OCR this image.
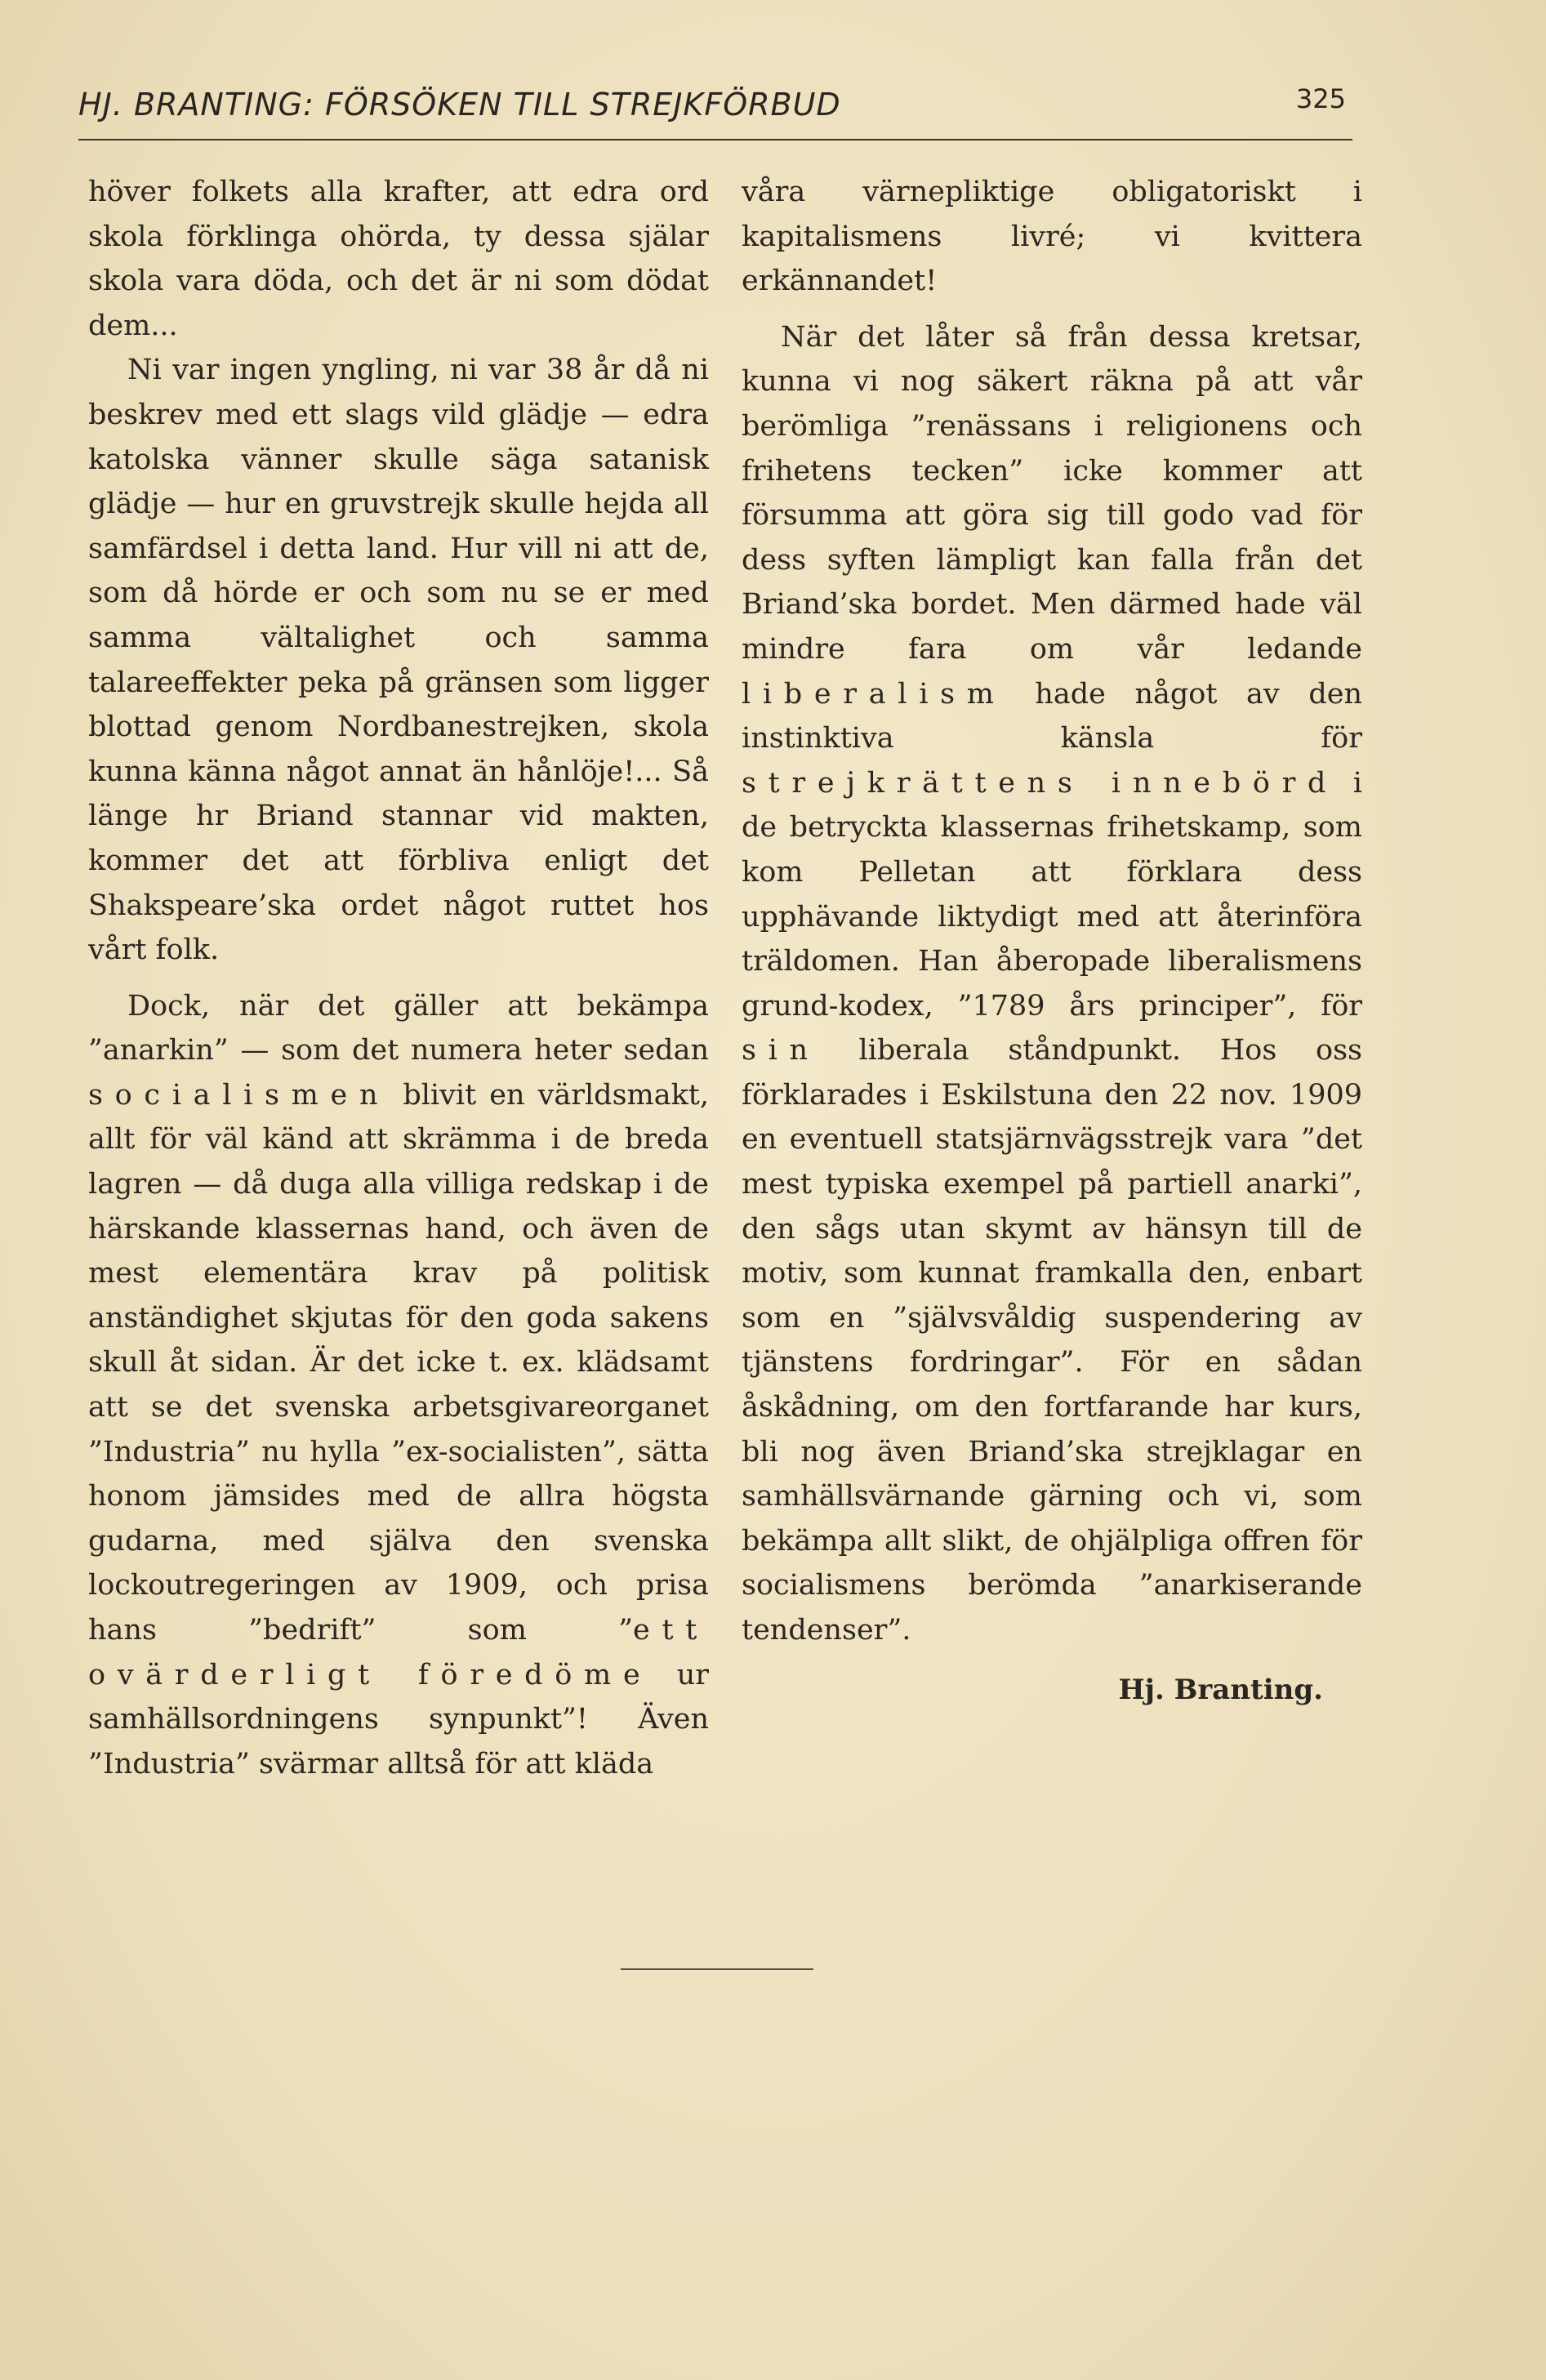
HJ. BRANTING: FÖRSÖKEN TILL STREJKFÖRBUD	325

höver folkets alla krafter, att edra ord skola förklinga ohörda, ty dessa själar skola vara döda, och det är ni som dödat dem...

Ni var ingen yngling, ni var 38 år då ni beskrev med ett slags vild glädje — edra katolska vänner skulle säga satanisk glädje — hur en gruvstrejk skulle hejda all samfärdsel i detta land. Hur vill ni att de, som då hörde er och som nu se er med samma vältalighet och samma talareeffekter peka på gränsen som ligger blottad genom Nordbanestrejken, skola kunna känna något annat än hånlöje!... Så länge hr Briand stannar vid makten, kommer det att förbliva enligt det Shakspeare’ska ordet något ruttet hos vårt folk.

Dock, när det gäller att bekämpa ”anarkin” — som det numera heter sedan socialismen blivit en världsmakt, allt för väl känd att skrämma i de breda lagren — då duga alla villiga redskap i de härskande klassernas hand, och även de mest elementära krav på politisk anständighet skjutas för den goda sakens skull åt sidan. Är det icke t. ex. klädsamt att se det svenska arbetsgivareorganet ”Industria” nu hylla ”ex-socialisten”, sätta honom jämsides med de allra högsta gudarna, med själva den svenska lockoutregeringen av 1909, och prisa hans ”bedrift” som ”ett ovärderligt föredöme ur samhällsordningens synpunkt”! Även ”Industria” svärmar alltså för att kläda

våra värnepliktige obligatoriskt i kapitalismens livré; vi kvittera erkännandet!

När det låter så från dessa kretsar, kunna vi nog säkert räkna på att vår berömliga ”renässans i religionens och frihetens tecken” icke kommer att försumma att göra sig till godo vad för dess syften lämpligt kan falla från det Briand’ska bordet. Men därmed hade väl mindre fara om vår ledande liberalism hade något av den instinktiva känsla för strejkrättens innebörd i de betryckta klassernas frihetskamp, som kom Pelletan att förklara dess upphävande liktydigt med att återinföra träldomen. Han åberopade liberalismens grund-kodex, ”1789 års principer”, för sin liberala ståndpunkt. Hos oss förklarades i Eskilstuna den 22 nov. 1909 en eventuell statsjärnvägsstrejk vara ”det mest typiska exempel på partiell anarki”, den sågs utan skymt av hänsyn till de motiv, som kunnat framkalla den, enbart som en ”självsvåldig suspendering av tjänstens fordringar”. För en sådan åskådning, om den fortfarande har kurs, bli nog även Briand’ska strejklagar en samhällsvärnande gärning och vi, som bekämpa allt slikt, de ohjälpliga offren för socialismens berömda ”anarkiserande tendenser”.

Hj. Branting.
